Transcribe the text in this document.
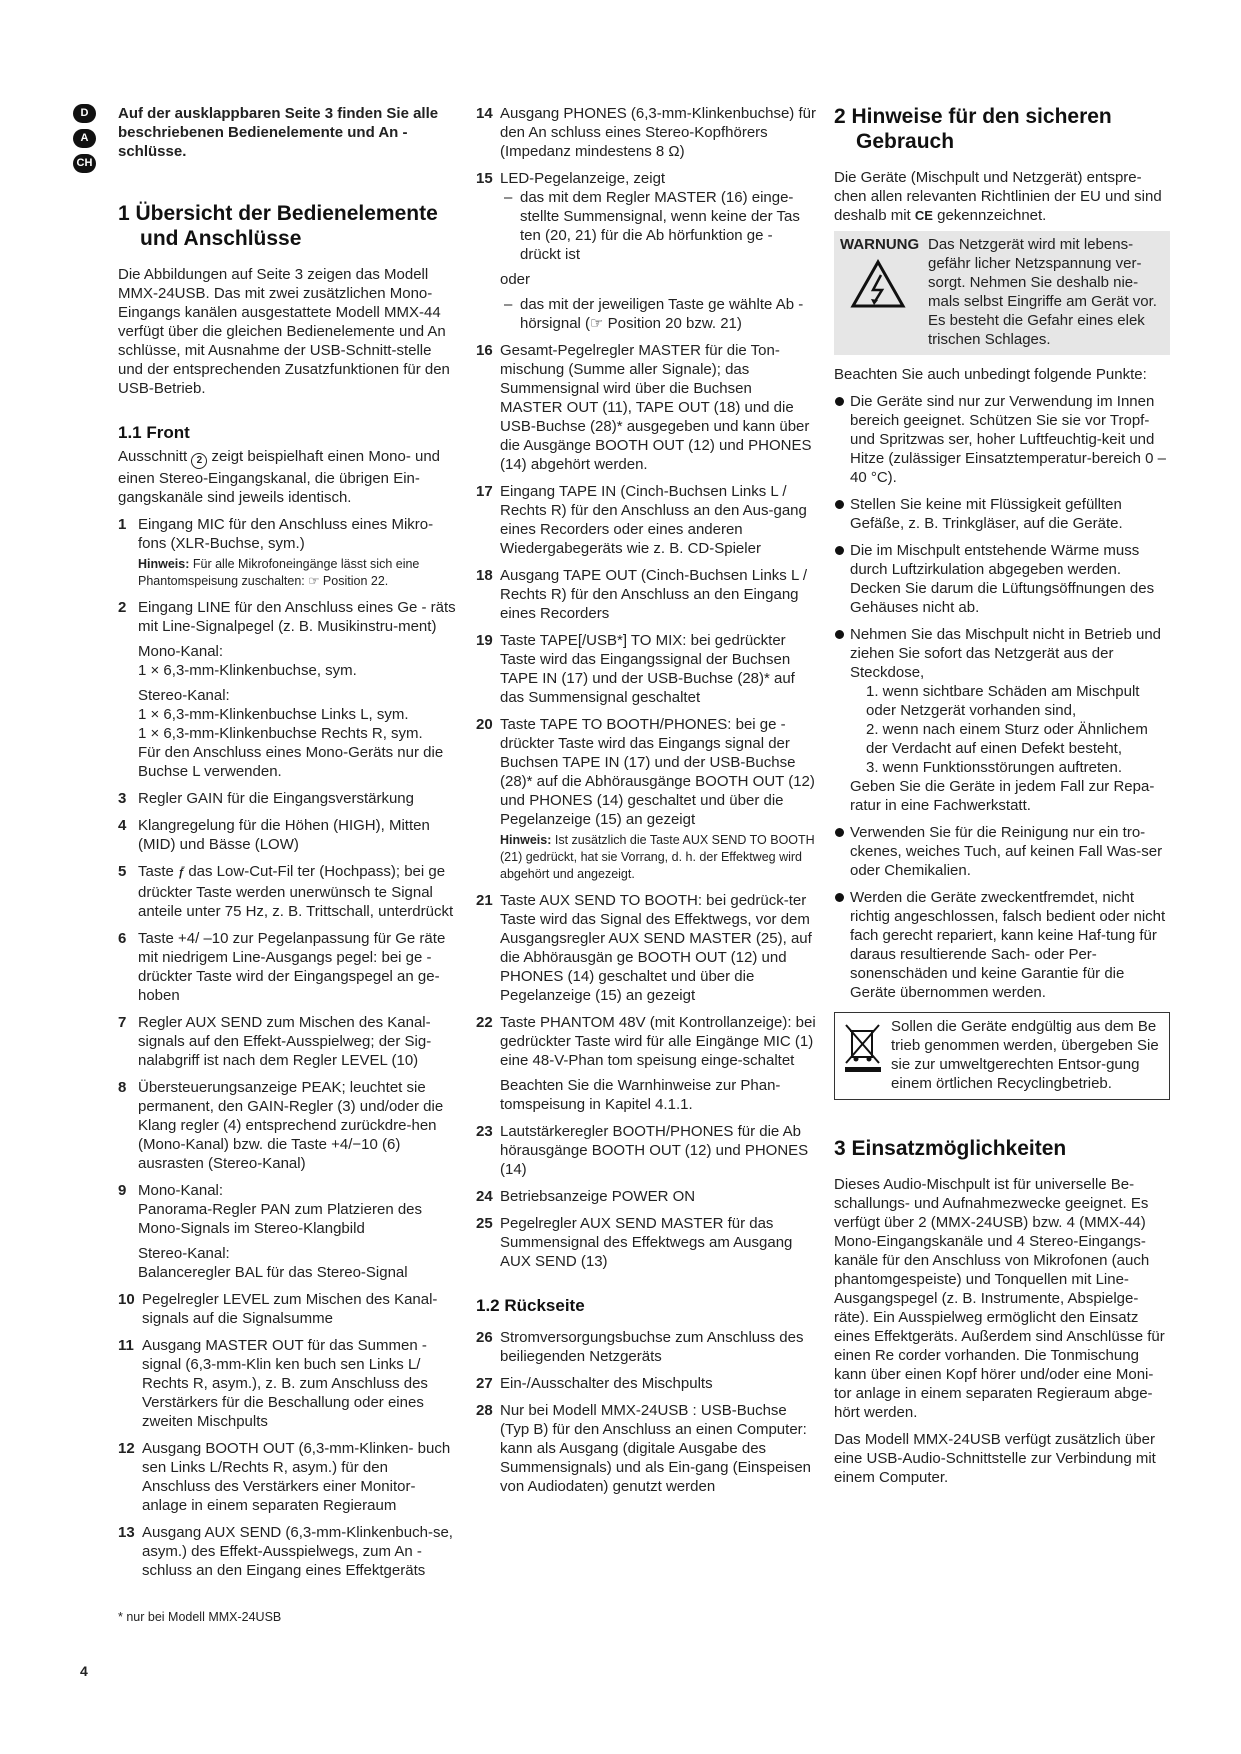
D
A
CH

Auf der ausklappbaren Seite 3 finden Sie alle beschriebenen Bedienelemente und An - schlüsse.

1 Übersicht der Bedienelemente und Anschlüsse

Die Abbildungen auf Seite 3 zeigen das Modell MMX-24USB. Das mit zwei zusätzlichen Mono-Eingangs kanälen ausgestattete Modell MMX-44 verfügt über die gleichen Bedienelemente und An schlüsse, mit Ausnahme der USB-Schnitt-stelle und der entsprechenden Zusatzfunktionen für den USB-Betrieb.

1.1 Front

Ausschnitt 2 zeigt beispielhaft einen Mono- und einen Stereo-Eingangskanal, die übrigen Ein-gangskanäle sind jeweils identisch.

1 Eingang MIC für den Anschluss eines Mikro-fons (XLR-Buchse, sym.)

Hinweis: Für alle Mikrofoneingänge lässt sich eine Phantomspeisung zuschalten: ☞ Position 22.

2 Eingang LINE für den Anschluss eines Ge - räts mit Line-Signalpegel (z. B. Musikinstru-ment)

Mono-Kanal:

1 × 6,3-mm-Klinkenbuchse, sym.

Stereo-Kanal:

1 × 6,3-mm-Klinkenbuchse Links L, sym.

1 × 6,3-mm-Klinkenbuchse Rechts R, sym.

Für den Anschluss eines Mono-Geräts nur die Buchse L verwenden.

3 Regler GAIN für die Eingangsverstärkung

4 Klangregelung für die Höhen (HIGH), Mitten (MID) und Bässe (LOW)

5 Taste ƒ̄ das Low-Cut-Fil ter (Hochpass); bei ge drückter Taste werden unerwünsch te Signal anteile unter 75 Hz, z. B. Trittschall, unterdrückt

6 Taste +4/ –10 zur Pegelanpassung für Ge räte mit niedrigem Line-Ausgangs pegel: bei ge - drückter Taste wird der Eingangspegel an ge-hoben

7 Regler AUX SEND zum Mischen des Kanal-signals auf den Effekt-Ausspielweg; der Sig-nalabgriff ist nach dem Regler LEVEL (10)

8 Übersteuerungsanzeige PEAK; leuchtet sie permanent, den GAIN-Regler (3) und/oder die Klang regler (4) entsprechend zurückdre-hen (Mono-Kanal) bzw. die Taste +4/−10 (6) ausrasten (Stereo-Kanal)

9 Mono-Kanal:

Panorama-Regler PAN zum Platzieren des Mono-Signals im Stereo-Klangbild

Stereo-Kanal:

Balanceregler BAL für das Stereo-Signal

10 Pegelregler LEVEL zum Mischen des Kanal-signals auf die Signalsumme

11 Ausgang MASTER OUT für das Summen - signal (6,3-mm-Klin ken buch sen Links L/ Rechts R, asym.), z. B. zum Anschluss des Verstärkers für die Beschallung oder eines zweiten Mischpults

12 Ausgang BOOTH OUT (6,3-mm-Klinken- buch sen Links L/Rechts R, asym.) für den Anschluss des Verstärkers einer Monitor-anlage in einem separaten Regieraum

13 Ausgang AUX SEND (6,3-mm-Klinkenbuch-se, asym.) des Effekt-Ausspielwegs, zum An - schluss an den Eingang eines Effektgeräts

14 Ausgang PHONES (6,3-mm-Klinkenbuchse) für den An schluss eines Stereo-Kopfhörers (Impedanz mindestens 8 Ω)

15 LED-Pegelanzeige, zeigt

– das mit dem Regler MASTER (16) einge-stellte Summensignal, wenn keine der Tas ten (20, 21) für die Ab hörfunktion ge - drückt ist

oder

– das mit der jeweiligen Taste ge wählte Ab - hörsignal (☞ Position 20 bzw. 21)

16 Gesamt-Pegelregler MASTER für die Ton-mischung (Summe aller Signale); das Summensignal wird über die Buchsen MASTER OUT (11), TAPE OUT (18) und die USB-Buchse (28)* ausgegeben und kann über die Ausgänge BOOTH OUT (12) und PHONES (14) abgehört werden.

17 Eingang TAPE IN (Cinch-Buchsen Links L / Rechts R) für den Anschluss an den Aus-gang eines Recorders oder eines anderen Wiedergabegeräts wie z. B. CD-Spieler

18 Ausgang TAPE OUT (Cinch-Buchsen Links L / Rechts R) für den Anschluss an den Eingang eines Recorders

19 Taste TAPE[/USB*] TO MIX: bei gedrückter Taste wird das Eingangssignal der Buchsen TAPE IN (17) und der USB-Buchse (28)* auf das Summensignal geschaltet

20 Taste TAPE TO BOOTH/PHONES: bei ge - drückter Taste wird das Eingangs signal der Buchsen TAPE IN (17) und der USB-Buchse (28)* auf die Abhörausgänge BOOTH OUT (12) und PHONES (14) geschaltet und über die Pegelanzeige (15) an gezeigt

Hinweis: Ist zusätzlich die Taste AUX SEND TO BOOTH (21) gedrückt, hat sie Vorrang, d. h. der Effektweg wird abgehört und angezeigt.

21 Taste AUX SEND TO BOOTH: bei gedrück-ter Taste wird das Signal des Effektwegs, vor dem Ausgangsregler AUX SEND MASTER (25), auf die Abhörausgän ge BOOTH OUT (12) und PHONES (14) geschaltet und über die Pegelanzeige (15) an gezeigt

22 Taste PHANTOM 48V (mit Kontrollanzeige): bei gedrückter Taste wird für alle Eingänge MIC (1) eine 48-V-Phan tom speisung einge-schaltet

Beachten Sie die Warnhinweise zur Phan-tomspeisung in Kapitel 4.1.1.

23 Lautstärkeregler BOOTH/PHONES für die Ab hörausgänge BOOTH OUT (12) und PHONES (14)

24 Betriebsanzeige POWER ON

25 Pegelregler AUX SEND MASTER für das Summensignal des Effektwegs am Ausgang AUX SEND (13)

1.2 Rückseite
26 Stromversorgungsbuchse zum Anschluss des beiliegenden Netzgeräts

27 Ein-/Ausschalter des Mischpults

28 Nur bei Modell MMX-24USB : USB-Buchse (Typ B) für den Anschluss an einen Computer: kann als Ausgang (digitale Ausgabe des Summensignals) und als Ein-gang (Einspeisen von Audiodaten) genutzt werden

2 Hinweise für den sicheren Gebrauch

Die Geräte (Mischpult und Netzgerät) entspre-chen allen relevanten Richtlinien der EU und sind deshalb mit CE gekennzeichnet.

WARNUNG Das Netzgerät wird mit lebens- gefähr licher Netzspannung ver-sorgt. Nehmen Sie deshalb nie-mals selbst Eingriffe am Gerät vor. Es besteht die Gefahr eines elek trischen Schlages.

Beachten Sie auch unbedingt folgende Punkte:

Die Geräte sind nur zur Verwendung im Innen bereich geeignet. Schützen Sie sie vor Tropf- und Spritzwas ser, hoher Luftfeuchtig-keit und Hitze (zulässiger Einsatztemperatur-bereich 0 – 40 °C).
Stellen Sie keine mit Flüssigkeit gefüllten Gefäße, z. B. Trinkgläser, auf die Geräte.
Die im Mischpult entstehende Wärme muss durch Luftzirkulation abgegeben werden. Decken Sie darum die Lüftungsöffnungen des Gehäuses nicht ab.

Nehmen Sie das Mischpult nicht in Betrieb und ziehen Sie sofort das Netzgerät aus der Steckdose,

1. wenn sichtbare Schäden am Mischpult oder Netzgerät vorhanden sind,

2. wenn nach einem Sturz oder Ähnlichem der Verdacht auf einen Defekt besteht,

3. wenn Funktionsstörungen auftreten.

Geben Sie die Geräte in jedem Fall zur Repa-ratur in eine Fachwerkstatt.

Verwenden Sie für die Reinigung nur ein tro-ckenes, weiches Tuch, auf keinen Fall Was-ser oder Chemikalien.
Werden die Geräte zweckentfremdet, nicht richtig angeschlossen, falsch bedient oder nicht fach gerecht repariert, kann keine Haf-tung für daraus resultierende Sach- oder Per-sonenschäden und keine Garantie für die Geräte übernommen werden.

Sollen die Geräte endgültig aus dem Be trieb genommen werden, übergeben Sie sie zur umweltgerechten Entsor-gung einem örtlichen Recyclingbetrieb.

3 Einsatzmöglichkeiten

Dieses Audio-Mischpult ist für universelle Be-schallungs- und Aufnahmezwecke geeignet. Es verfügt über 2 (MMX-24USB) bzw. 4 (MMX-44) Mono-Eingangskanäle und 4 Stereo-Eingangs-kanäle für den Anschluss von Mikrofonen (auch phantomgespeiste) und Tonquellen mit Line-Ausgangspegel (z. B. Instrumente, Abspielge-räte). Ein Ausspielweg ermöglicht den Einsatz eines Effektgeräts. Außerdem sind Anschlüsse für einen Re corder vorhanden. Die Tonmischung kann über einen Kopf hörer und/oder eine Moni-tor anlage in einem separaten Regieraum abge-hört werden.

Das Modell MMX-24USB verfügt zusätzlich über eine USB-Audio-Schnittstelle zur Verbindung mit einem Computer.

* nur bei Modell MMX-24USB
4
